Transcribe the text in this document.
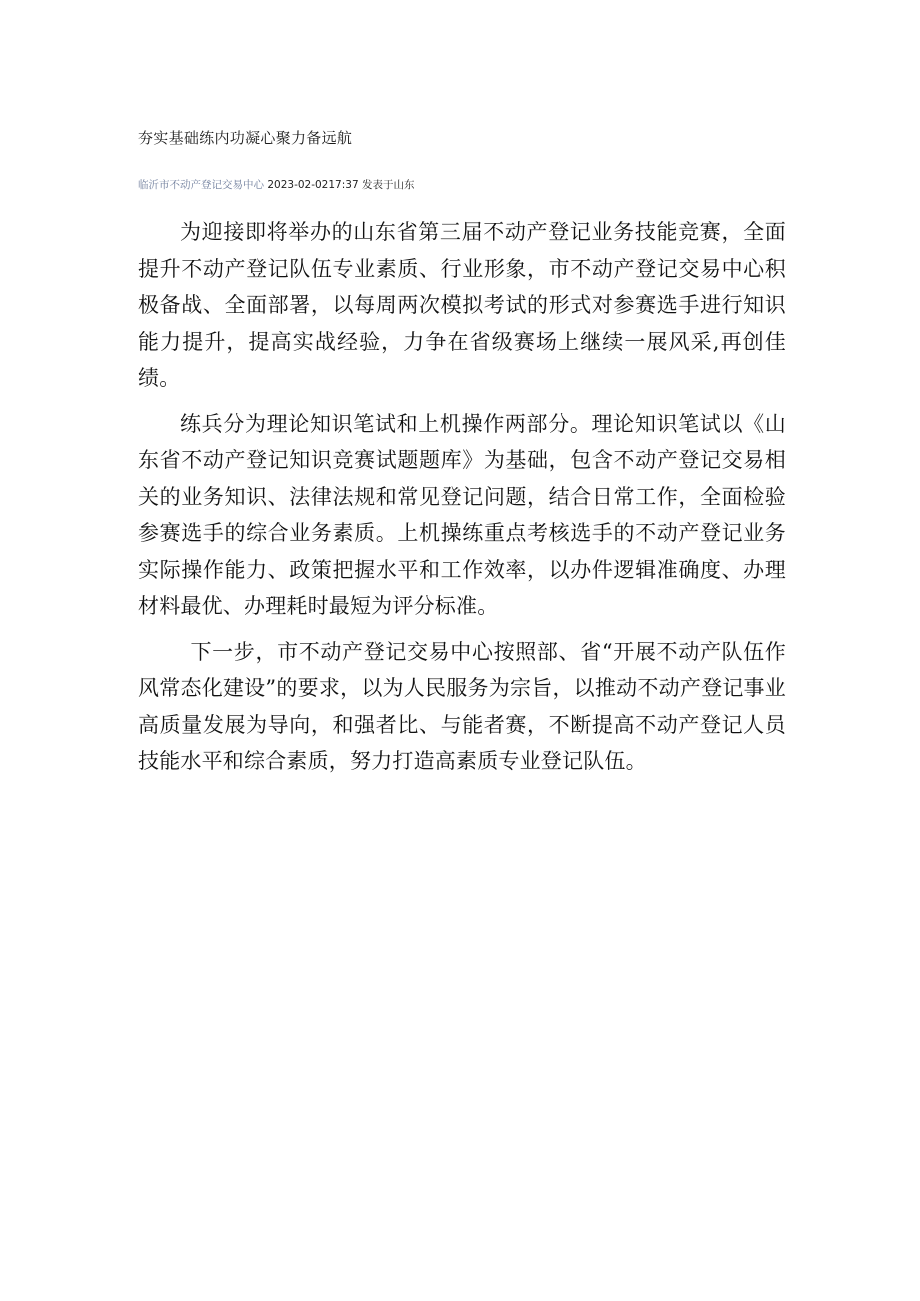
夯实基础练内功凝心聚力备远航
临沂市不动产登记交易中心 2023-02-0217:37 发表于山东

为迎接即将举办的山东省第三届不动产登记业务技能竞赛，全面提升不动产登记队伍专业素质、行业形象，市不动产登记交易中心积极备战、全面部署，以每周两次模拟考试的形式对参赛选手进行知识能力提升，提高实战经验，力争在省级赛场上继续一展风采,再创佳绩。

练兵分为理论知识笔试和上机操作两部分。理论知识笔试以《山东省不动产登记知识竞赛试题题库》为基础，包含不动产登记交易相关的业务知识、法律法规和常见登记问题，结合日常工作，全面检验参赛选手的综合业务素质。上机操练重点考核选手的不动产登记业务实际操作能力、政策把握水平和工作效率，以办件逻辑准确度、办理材料最优、办理耗时最短为评分标准。

下一步，市不动产登记交易中心按照部、省“开展不动产队伍作风常态化建设”的要求，以为人民服务为宗旨，以推动不动产登记事业高质量发展为导向，和强者比、与能者赛，不断提高不动产登记人员技能水平和综合素质，努力打造高素质专业登记队伍。
